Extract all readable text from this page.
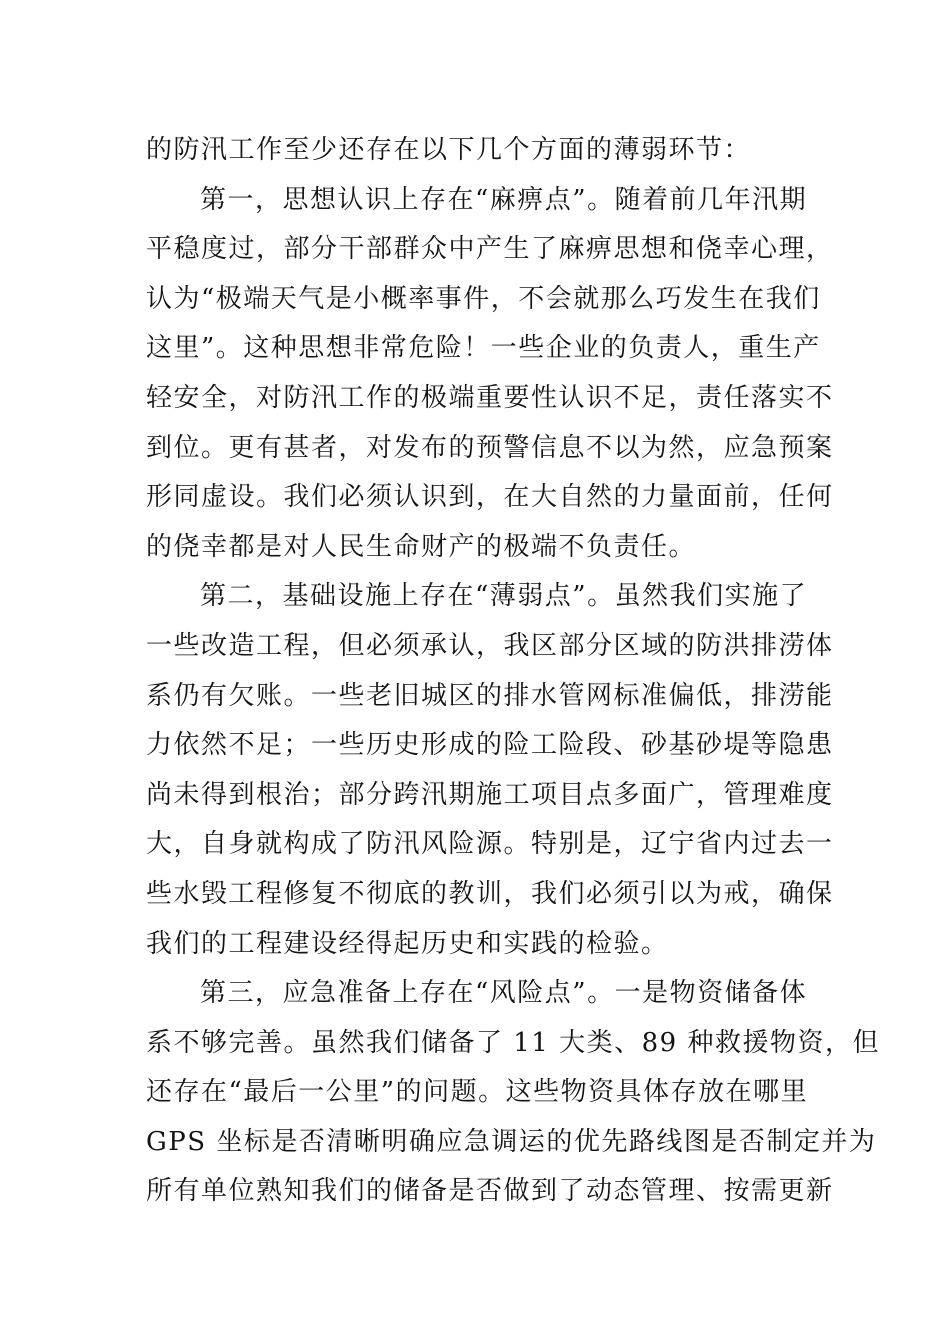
的防汛工作至少还存在以下几个方面的薄弱环节：
第一，思想认识上存在“麻痹点”。随着前几年汛期
平稳度过，部分干部群众中产生了麻痹思想和侥幸心理，
认为“极端天气是小概率事件，不会就那么巧发生在我们
这里”。这种思想非常危险！一些企业的负责人，重生产
轻安全，对防汛工作的极端重要性认识不足，责任落实不
到位。更有甚者，对发布的预警信息不以为然，应急预案
形同虚设。我们必须认识到，在大自然的力量面前，任何
的侥幸都是对人民生命财产的极端不负责任。
第二，基础设施上存在“薄弱点”。虽然我们实施了
一些改造工程，但必须承认，我区部分区域的防洪排涝体
系仍有欠账。一些老旧城区的排水管网标准偏低，排涝能
力依然不足；一些历史形成的险工险段、砂基砂堤等隐患
尚未得到根治；部分跨汛期施工项目点多面广，管理难度
大，自身就构成了防汛风险源。特别是，辽宁省内过去一
些水毁工程修复不彻底的教训，我们必须引以为戒，确保
我们的工程建设经得起历史和实践的检验。
第三，应急准备上存在“风险点”。一是物资储备体
系不够完善。虽然我们储备了 11 大类、89 种救援物资，但
还存在“最后一公里”的问题。这些物资具体存放在哪里
GPS 坐标是否清晰明确应急调运的优先路线图是否制定并为
所有单位熟知我们的储备是否做到了动态管理、按需更新
